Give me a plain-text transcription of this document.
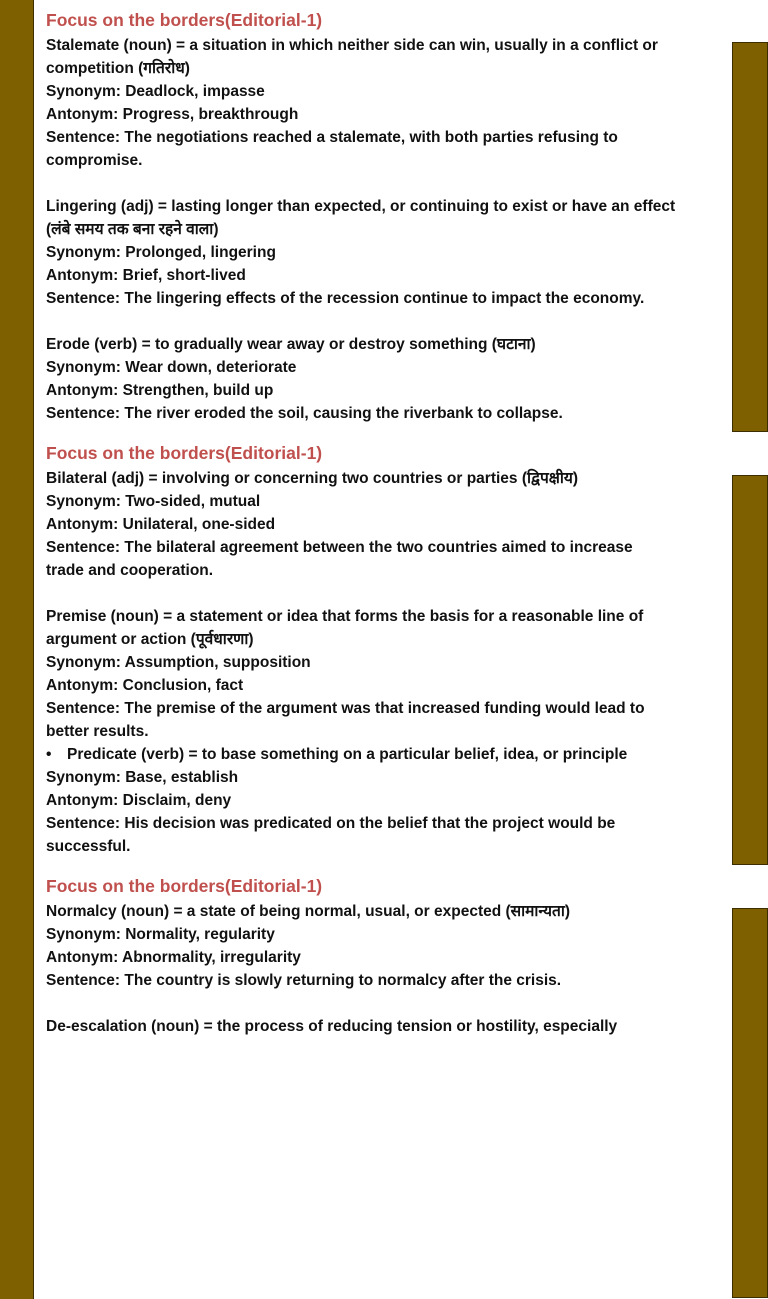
Focus on the borders(Editorial-1)
Stalemate (noun) = a situation in which neither side can win, usually in a conflict or
competition (गतिरोध)
Synonym: Deadlock, impasse
Antonym: Progress, breakthrough
Sentence: The negotiations reached a stalemate, with both parties refusing to
compromise.
Lingering (adj) = lasting longer than expected, or continuing to exist or have an effect
(लंबे समय तक बना रहने वाला)
Synonym: Prolonged, lingering
Antonym: Brief, short-lived
Sentence: The lingering effects of the recession continue to impact the economy.
Erode (verb) = to gradually wear away or destroy something (घटाना)
Synonym: Wear down, deteriorate
Antonym: Strengthen, build up
Sentence: The river eroded the soil, causing the riverbank to collapse.
Focus on the borders(Editorial-1)
Bilateral (adj) = involving or concerning two countries or parties (द्विपक्षीय)
Synonym: Two-sided, mutual
Antonym: Unilateral, one-sided
Sentence: The bilateral agreement between the two countries aimed to increase
trade and cooperation.
Premise (noun) = a statement or idea that forms the basis for a reasonable line of
argument or action (पूर्वधारणा)
Synonym: Assumption, supposition
Antonym: Conclusion, fact
Sentence: The premise of the argument was that increased funding would lead to
better results.
• Predicate (verb) = to base something on a particular belief, idea, or principle
Synonym: Base, establish
Antonym: Disclaim, deny
Sentence: His decision was predicated on the belief that the project would be
successful.
Focus on the borders(Editorial-1)
Normalcy (noun) = a state of being normal, usual, or expected (सामान्यता)
Synonym: Normality, regularity
Antonym: Abnormality, irregularity
Sentence: The country is slowly returning to normalcy after the crisis.
De-escalation (noun) = the process of reducing tension or hostility, especially
